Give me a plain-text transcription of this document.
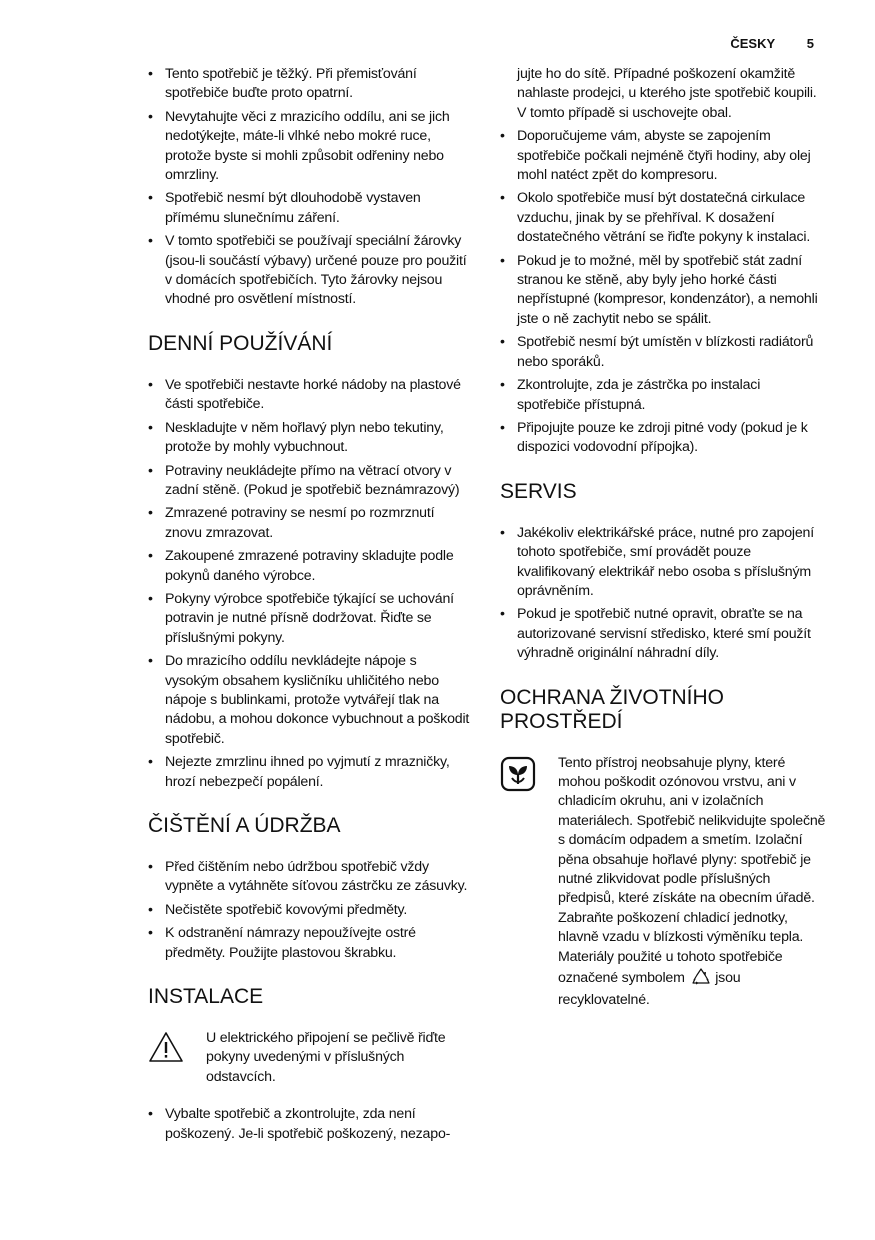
ČESKY 5
• Tento spotřebič je těžký. Při přemisťování spotřebiče buďte proto opatrní.
• Nevytahujte věci z mrazicího oddílu, ani se jich nedotýkejte, máte-li vlhké nebo mokré ruce, protože byste si mohli způsobit odřeniny nebo omrzliny.
• Spotřebič nesmí být dlouhodobě vystaven přímému slunečnímu záření.
• V tomto spotřebiči se používají speciální žárovky (jsou-li součástí výbavy) určené pouze pro použití v domácích spotřebičích. Tyto žárovky nejsou vhodné pro osvětlení místností.
DENNÍ POUŽÍVÁNÍ
• Ve spotřebiči nestavte horké nádoby na plastové části spotřebiče.
• Neskladujte v něm hořlavý plyn nebo tekutiny, protože by mohly vybuchnout.
• Potraviny neukládejte přímo na větrací otvory v zadní stěně. (Pokud je spotřebič beznámrazový)
• Zmrazené potraviny se nesmí po rozmrznutí znovu zmrazovat.
• Zakoupené zmrazené potraviny skladujte podle pokynů daného výrobce.
• Pokyny výrobce spotřebiče týkající se uchování potravin je nutné přísně dodržovat. Řiďte se příslušnými pokyny.
• Do mrazicího oddílu nevkládejte nápoje s vysokým obsahem kysličníku uhličitého nebo nápoje s bublinkami, protože vytvářejí tlak na nádobu, a mohou dokonce vybuchnout a poškodit spotřebič.
• Nejezte zmrzlinu ihned po vyjmutí z mrazničky, hrozí nebezpečí popálení.
ČIŠTĚNÍ A ÚDRŽBA
• Před čištěním nebo údržbou spotřebič vždy vypněte a vytáhněte síťovou zástrčku ze zásuvky.
• Nečistěte spotřebič kovovými předměty.
• K odstranění námrazy nepoužívejte ostré předměty. Použijte plastovou škrabku.
INSTALACE
U elektrického připojení se pečlivě řiďte pokyny uvedenými v příslušných odstavcích.
• Vybalte spotřebič a zkontrolujte, zda není poškozený. Je-li spotřebič poškozený, nezapo-
jujte ho do sítě. Případné poškození okamžitě nahlaste prodejci, u kterého jste spotřebič koupili. V tomto případě si uschovejte obal.
• Doporučujeme vám, abyste se zapojením spotřebiče počkali nejméně čtyři hodiny, aby olej mohl natéct zpět do kompresoru.
• Okolo spotřebiče musí být dostatečná cirkulace vzduchu, jinak by se přehříval. K dosažení dostatečného větrání se řiďte pokyny k instalaci.
• Pokud je to možné, měl by spotřebič stát zadní stranou ke stěně, aby byly jeho horké části nepřístupné (kompresor, kondenzátor), a nemohli jste o ně zachytit nebo se spálit.
• Spotřebič nesmí být umístěn v blízkosti radiátorů nebo sporáků.
• Zkontrolujte, zda je zástrčka po instalaci spotřebiče přístupná.
• Připojujte pouze ke zdroji pitné vody (pokud je k dispozici vodovodní přípojka).
SERVIS
• Jakékoliv elektrikářské práce, nutné pro zapojení tohoto spotřebiče, smí provádět pouze kvalifikovaný elektrikář nebo osoba s příslušným oprávněním.
• Pokud je spotřebič nutné opravit, obraťte se na autorizované servisní středisko, které smí použít výhradně originální náhradní díly.
OCHRANA ŽIVOTNÍHO PROSTŘEDÍ
Tento přístroj neobsahuje plyny, které mohou poškodit ozónovou vrstvu, ani v chladicím okruhu, ani v izolačních materiálech. Spotřebič nelikvidujte společně s domácím odpadem a smetím. Izolační pěna obsahuje hořlavé plyny: spotřebič je nutné zlikvidovat podle příslušných předpisů, které získáte na obecním úřadě. Zabraňte poškození chladicí jednotky, hlavně vzadu v blízkosti výměníku tepla. Materiály použité u tohoto spotřebiče označené symbolem jsou recyklovatelné.
